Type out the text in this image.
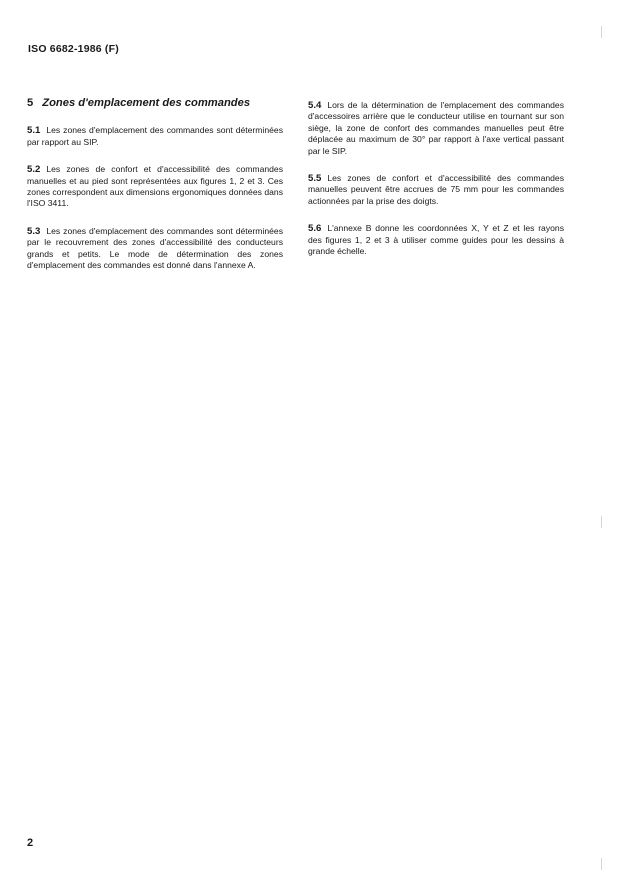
ISO 6682-1986 (F)
5 Zones d'emplacement des commandes

5.1 Les zones d'emplacement des commandes sont déterminées par rapport au SIP.

5.2 Les zones de confort et d'accessibilité des commandes manuelles et au pied sont représentées aux figures 1, 2 et 3. Ces zones correspondent aux dimensions ergonomiques données dans l'ISO 3411.

5.3 Les zones d'emplacement des commandes sont déterminées par le recouvrement des zones d'accessibilité des conducteurs grands et petits. Le mode de détermination des zones d'emplacement des commandes est donné dans l'annexe A.

5.4 Lors de la détermination de l'emplacement des commandes d'accessoires arrière que le conducteur utilise en tournant sur son siège, la zone de confort des commandes manuelles peut être déplacée au maximum de 30° par rapport à l'axe vertical passant par le SIP.

5.5 Les zones de confort et d'accessibilité des commandes manuelles peuvent être accrues de 75 mm pour les commandes actionnées par la prise des doigts.

5.6 L'annexe B donne les coordonnées X, Y et Z et les rayons des figures 1, 2 et 3 à utiliser comme guides pour les dessins à grande échelle.

2
